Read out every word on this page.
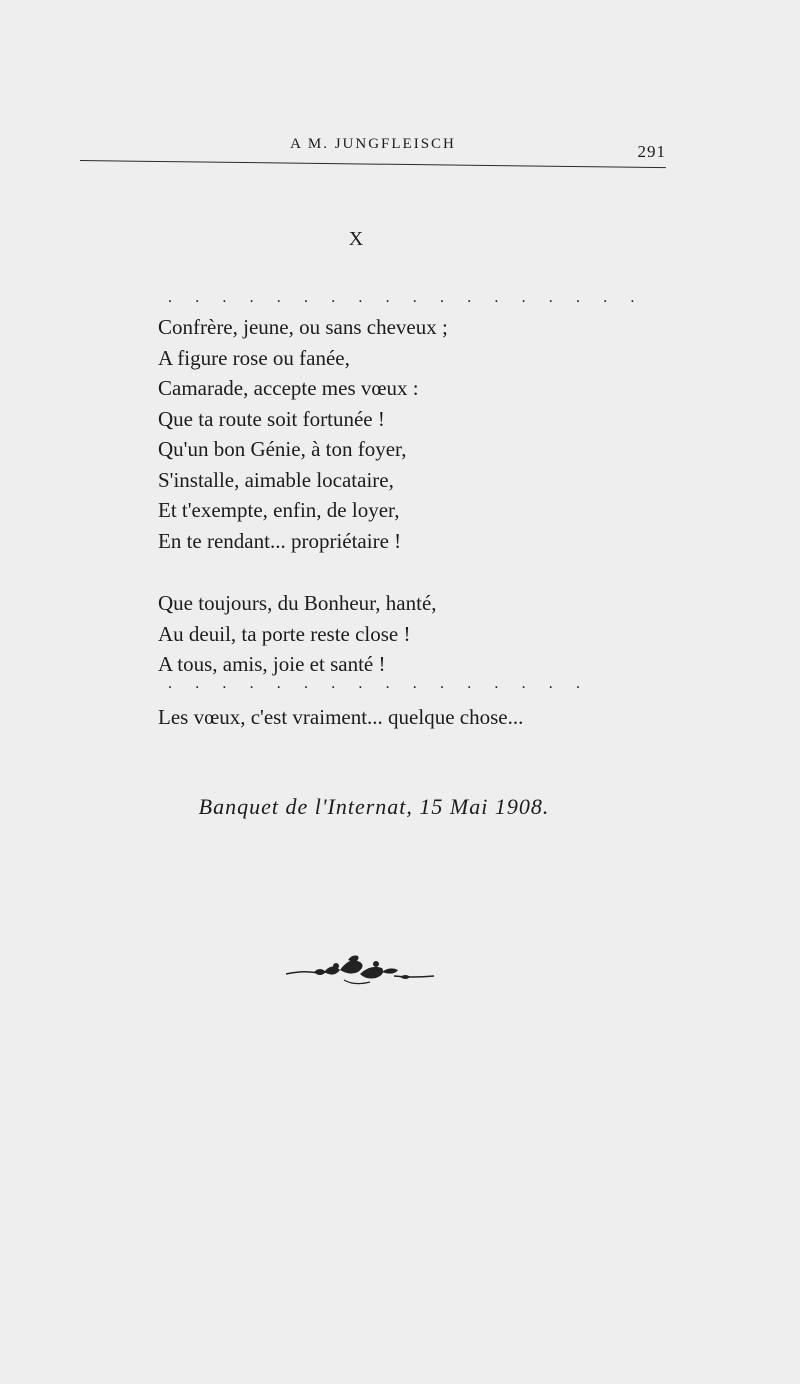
A M. JUNGFLEISCH	291
X
. . . . . . . . . . . . . . . . . .
Confrère, jeune, ou sans cheveux ;
A figure rose ou fanée,
Camarade, accepte mes vœux :
Que ta route soit fortunée !
Qu'un bon Génie, à ton foyer,
S'installe, aimable locataire,
Et t'exempte, enfin, de loyer,
En te rendant... propriétaire !
Que toujours, du Bonheur, hanté,
Au deuil, ta porte reste close !
A tous, amis, joie et santé !
. . . . . . . . . . . . . . . .
Les vœux, c'est vraiment... quelque chose...
Banquet de l'Internat, 15 Mai 1908.
